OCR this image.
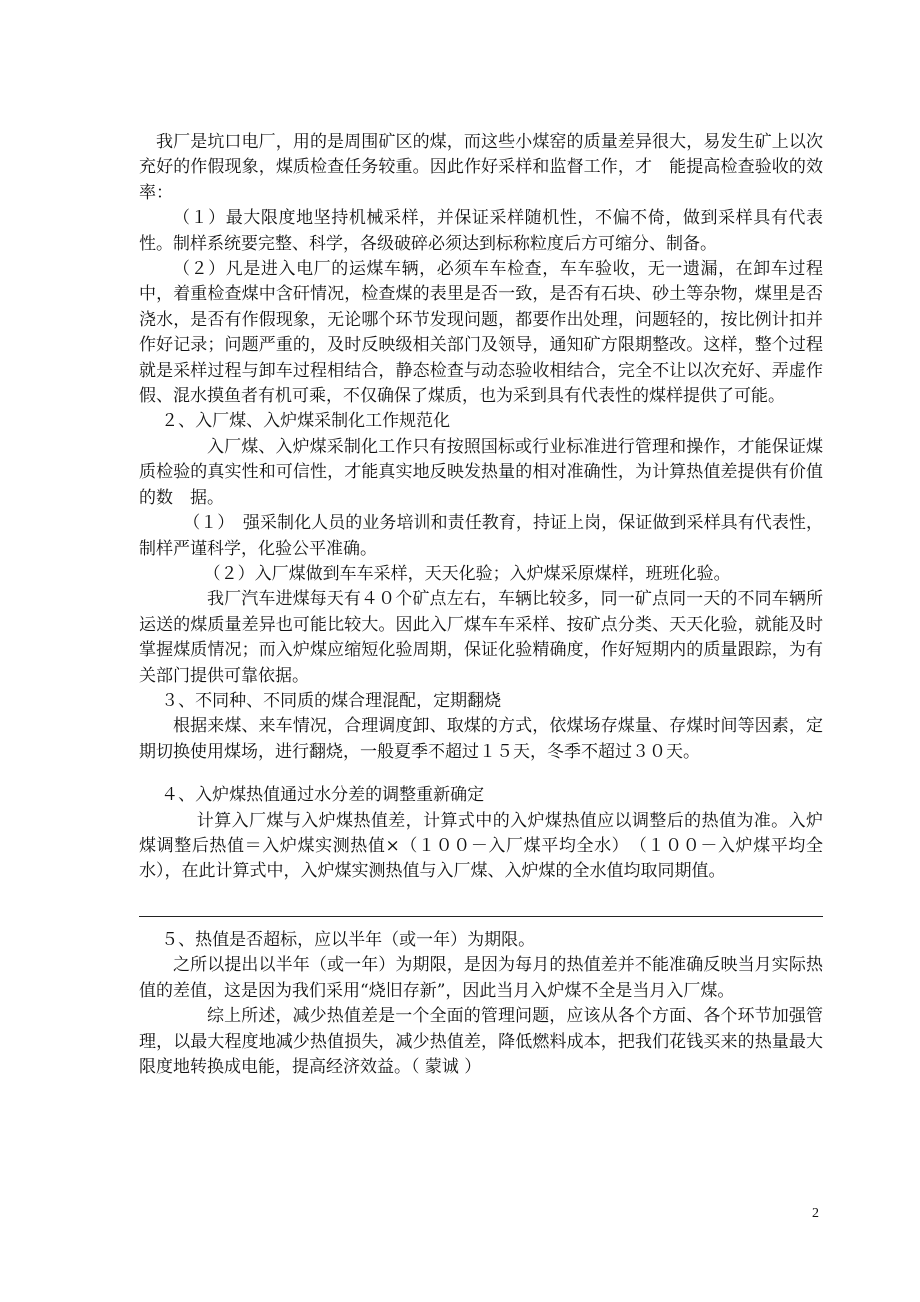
我厂是坑口电厂，用的是周围矿区的煤，而这些小煤窑的质量差异很大，易发生矿上以次充好的作假现象，煤质检查任务较重。因此作好采样和监督工作，才　能提高检查验收的效率：

（１）最大限度地坚持机械采样，并保证采样随机性，不偏不倚，做到采样具有代表性。制样系统要完整、科学，各级破碎必须达到标称粒度后方可缩分、制备。

（２）凡是进入电厂的运煤车辆，必须车车检查，车车验收，无一遗漏，在卸车过程中，着重检查煤中含矸情况，检查煤的表里是否一致，是否有石块、砂土等杂物，煤里是否浇水，是否有作假现象，无论哪个环节发现问题，都要作出处理，问题轻的，按比例计扣并作好记录；问题严重的，及时反映级相关部门及领导，通知矿方限期整改。这样，整个过程就是采样过程与卸车过程相结合，静态检查与动态验收相结合，完全不让以次充好、弄虚作假、混水摸鱼者有机可乘，不仅确保了煤质，也为采到具有代表性的煤样提供了可能。

２、入厂煤、入炉煤采制化工作规范化

入厂煤、入炉煤采制化工作只有按照国标或行业标准进行管理和操作，才能保证煤质检验的真实性和可信性，才能真实地反映发热量的相对准确性，为计算热值差提供有价值的数　据。

（１）　强采制化人员的业务培训和责任教育，持证上岗，保证做到采样具有代表性，制样严谨科学，化验公平准确。

（２）入厂煤做到车车采样，天天化验；入炉煤采原煤样，班班化验。

我厂汽车进煤每天有４０个矿点左右，车辆比较多，同一矿点同一天的不同车辆所运送的煤质量差异也可能比较大。因此入厂煤车车采样、按矿点分类、天天化验，就能及时掌握煤质情况；而入炉煤应缩短化验周期，保证化验精确度，作好短期内的质量跟踪，为有关部门提供可靠依据。

３、不同种、不同质的煤合理混配，定期翻烧

根据来煤、来车情况，合理调度卸、取煤的方式，依煤场存煤量、存煤时间等因素，定期切换使用煤场，进行翻烧，一般夏季不超过１５天，冬季不超过３０天。

４、入炉煤热值通过水分差的调整重新确定

计算入厂煤与入炉煤热值差，计算式中的入炉煤热值应以调整后的热值为准。入炉煤调整后热值＝入炉煤实测热值×（１００－入厂煤平均全水）　（１００－入炉煤平均全水），在此计算式中，入炉煤实测热值与入厂煤、入炉煤的全水值均取同期值。

５、热值是否超标，应以半年（或一年）为期限。

之所以提出以半年（或一年）为期限，是因为每月的热值差并不能准确反映当月实际热值的差值，这是因为我们采用“烧旧存新”，因此当月入炉煤不全是当月入厂煤。

综上所述，减少热值差是一个全面的管理问题，应该从各个方面、各个环节加强管理，以最大程度地减少热值损失，减少热值差，降低燃料成本，把我们花钱买来的热量最大限度地转换成电能，提高经济效益。（ 蒙诚 ）

2
